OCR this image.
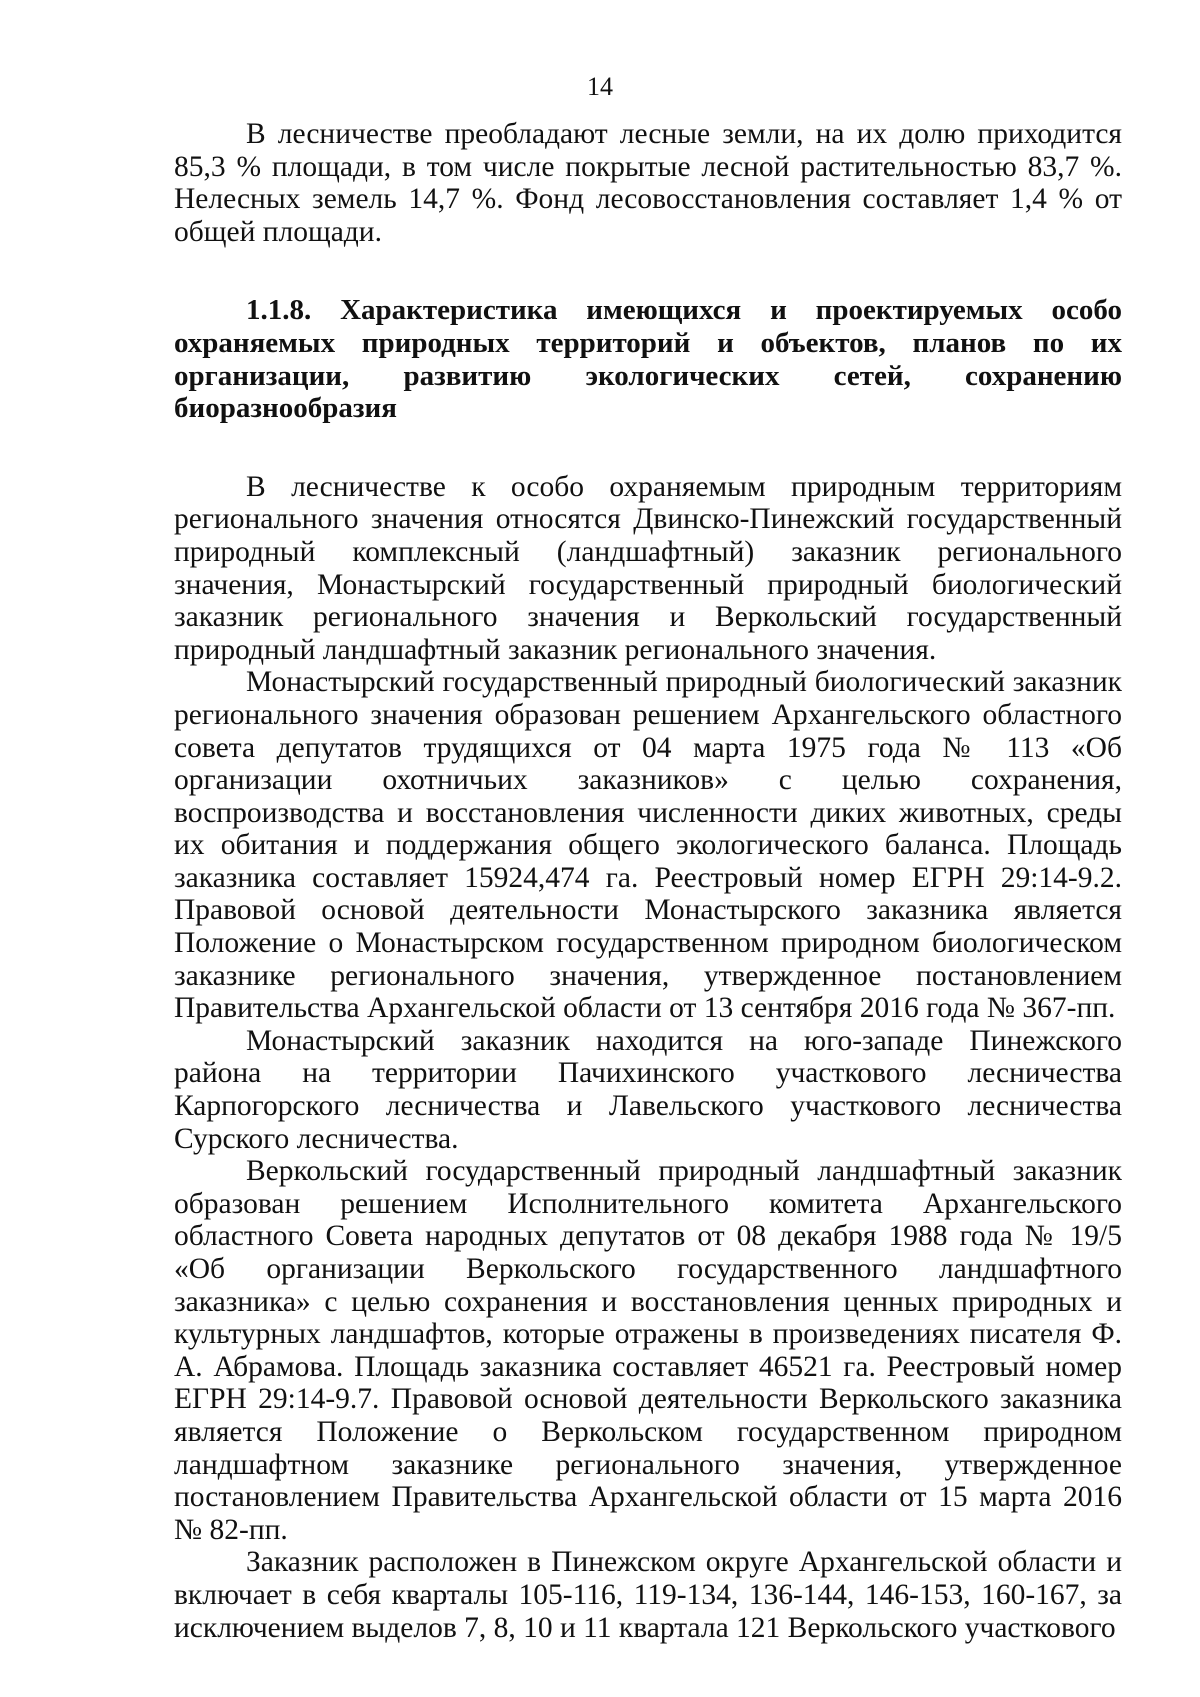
14

В лесничестве преобладают лесные земли, на их долю приходится 85,3 % площади, в том числе покрытые лесной растительностью 83,7 %. Нелесных земель 14,7 %. Фонд лесовосстановления составляет 1,4 % от общей площади.

1.1.8. Характеристика имеющихся и проектируемых особо охраняемых природных территорий и объектов, планов по их организации, развитию экологических сетей, сохранению биоразнообразия

В лесничестве к особо охраняемым природным территориям регионального значения относятся Двинско-Пинежский государственный природный комплексный (ландшафтный) заказник регионального значения, Монастырский государственный природный биологический заказник регионального значения и Веркольский государственный природный ландшафтный заказник регионального значения.

Монастырский государственный природный биологический заказник регионального значения образован решением Архангельского областного совета депутатов трудящихся от 04 марта 1975 года № 113 «Об организации охотничьих заказников» с целью сохранения, воспроизводства и восстановления численности диких животных, среды их обитания и поддержания общего экологического баланса. Площадь заказника составляет 15924,474 га. Реестровый номер ЕГРН 29:14-9.2. Правовой основой деятельности Монастырского заказника является Положение о Монастырском государственном природном биологическом заказнике регионального значения, утвержденное постановлением Правительства Архангельской области от 13 сентября 2016 года № 367-пп.

Монастырский заказник находится на юго-западе Пинежского района на территории Пачихинского участкового лесничества Карпогорского лесничества и Лавельского участкового лесничества Сурского лесничества.

Веркольский государственный природный ландшафтный заказник образован решением Исполнительного комитета Архангельского областного Совета народных депутатов от 08 декабря 1988 года № 19/5 «Об организации Веркольского государственного ландшафтного заказника» с целью сохранения и восстановления ценных природных и культурных ландшафтов, которые отражены в произведениях писателя Ф. А. Абрамова. Площадь заказника составляет 46521 га. Реестровый номер ЕГРН 29:14-9.7. Правовой основой деятельности Веркольского заказника является Положение о Веркольском государственном природном ландшафтном заказнике регионального значения, утвержденное постановлением Правительства Архангельской области от 15 марта 2016 № 82-пп.

Заказник расположен в Пинежском округе Архангельской области и включает в себя кварталы 105-116, 119-134, 136-144, 146-153, 160-167, за исключением выделов 7, 8, 10 и 11 квартала 121 Веркольского участкового
